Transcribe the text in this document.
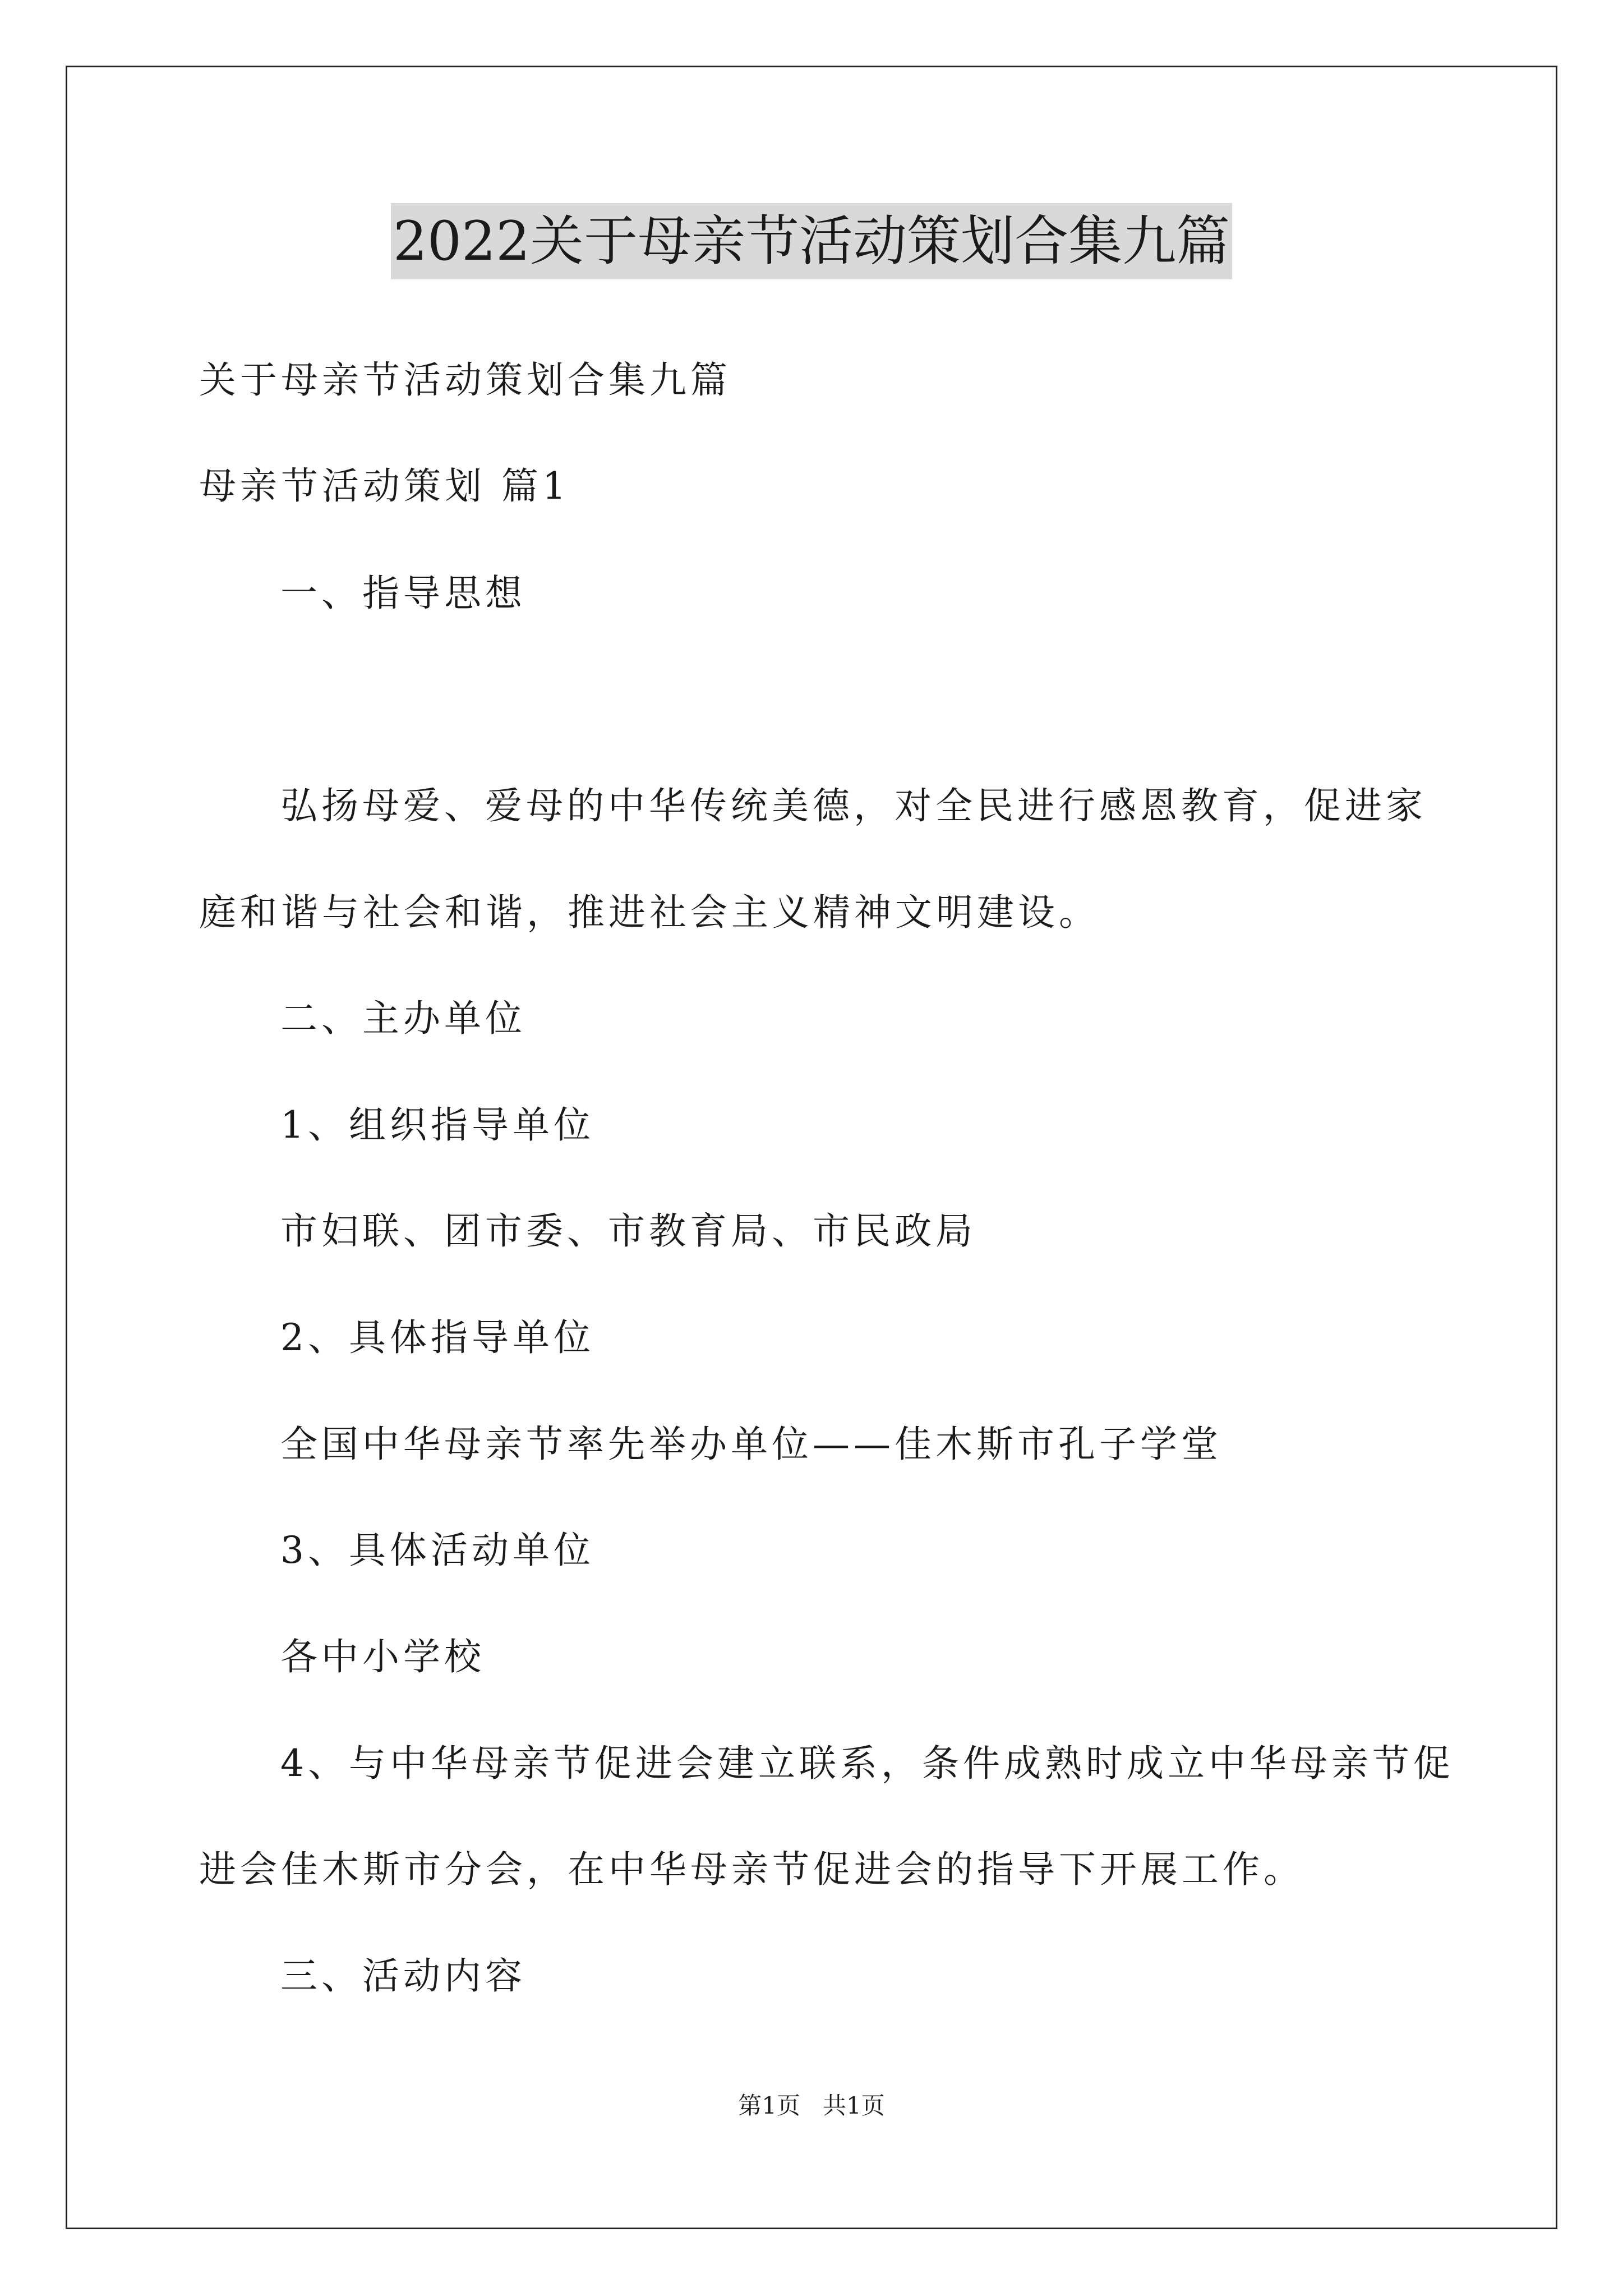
2022关于母亲节活动策划合集九篇
关于母亲节活动策划合集九篇
母亲节活动策划 篇1
一、指导思想
弘扬母爱、爱母的中华传统美德，对全民进行感恩教育，促进家
庭和谐与社会和谐，推进社会主义精神文明建设。
二、主办单位
1、组织指导单位
市妇联、团市委、市教育局、市民政局
2、具体指导单位
全国中华母亲节率先举办单位——佳木斯市孔子学堂
3、具体活动单位
各中小学校
4、与中华母亲节促进会建立联系，条件成熟时成立中华母亲节促
进会佳木斯市分会，在中华母亲节促进会的指导下开展工作。
三、活动内容
第1页   共1页
